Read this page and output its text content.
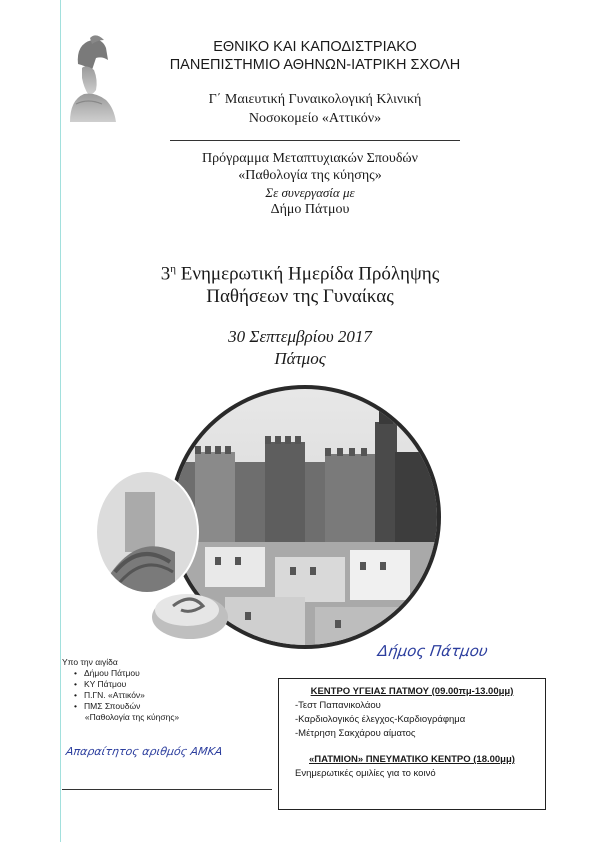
ΕΘΝΙΚΟ ΚΑΙ ΚΑΠΟΔΙΣΤΡΙΑΚΟ
ΠΑΝΕΠΙΣΤΗΜΙΟ ΑΘΗΝΩΝ-ΙΑΤΡΙΚΗ ΣΧΟΛΗ
Γ΄ Μαιευτική Γυναικολογική Κλινική
Νοσοκομείο «Αττικόν»
Πρόγραμμα Μεταπτυχιακών Σπουδών
«Παθολογία της κύησης»
Σε συνεργασία με
Δήμο Πάτμου
$3^\eta$ Ενημερωτική Ημερίδα Πρόληψης
Παθήσεων της Γυναίκας
30 Σεπτεμβρίου 2017
Πάτμος
Δήμος Πάτμου
Υπο την αιγίδα
• Δήμου Πάτμου
• ΚΥ Πάτμου
• Π.ΓΝ. «Αττικόν»
• ΠΜΣ Σπουδών
«Παθολογία της κύησης»
Απαραίτητος αριθμός ΑΜΚΑ
ΚΕΝΤΡΟ ΥΓΕΙΑΣ ΠΑΤΜΟΥ (09.00πμ-13.00μμ)
-Τεστ Παπανικολάου
-Καρδιολογικός έλεγχος-Καρδιογράφημα
-Μέτρηση Σακχάρου αίματος
«ΠΑΤΜΙΟΝ» ΠΝΕΥΜΑΤΙΚΟ ΚΕΝΤΡΟ (18.00μμ)
Ενημερωτικές ομιλίες για το κοινό
